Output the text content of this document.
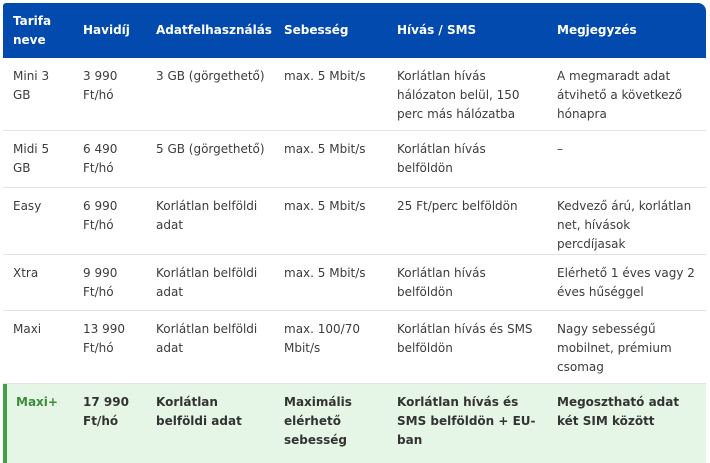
Tarifa neve	Havidíj	Adatfelhasználás	Sebesség	Hívás / SMS	Megjegyzés
Mini 3 GB	3 990 Ft/hó	3 GB (görgethető)	max. 5 Mbit/s	Korlátlan hívás hálózaton belül, 150 perc más hálózatba	A megmaradt adat átvihető a következő hónapra
Midi 5 GB	6 490 Ft/hó	5 GB (görgethető)	max. 5 Mbit/s	Korlátlan hívás belföldön	–
Easy	6 990 Ft/hó	Korlátlan belföldi adat	max. 5 Mbit/s	25 Ft/perc belföldön	Kedvező árú, korlátlan net, hívások percdíjasak
Xtra	9 990 Ft/hó	Korlátlan belföldi adat	max. 5 Mbit/s	Korlátlan hívás belföldön	Elérhető 1 éves vagy 2 éves hűséggel
Maxi	13 990 Ft/hó	Korlátlan belföldi adat	max. 100/70 Mbit/s	Korlátlan hívás és SMS belföldön	Nagy sebességű mobilnet, prémium csomag
Maxi+	17 990 Ft/hó	Korlátlan belföldi adat	Maximális elérhető sebesség	Korlátlan hívás és SMS belföldön + EU-ban	Megosztható adat két SIM között
